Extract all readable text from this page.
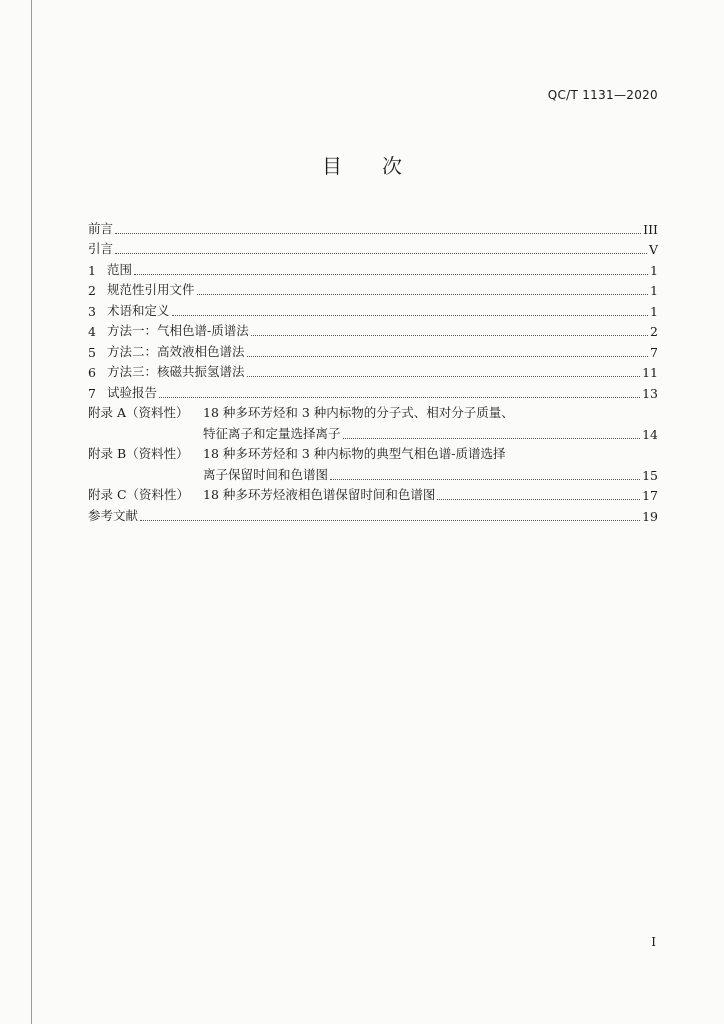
QC/T 1131—2020
目 次
前言	III
引言	V
1 范围	1
2 规范性引用文件	1
3 术语和定义	1
4 方法一：气相色谱-质谱法	2
5 方法二：高效液相色谱法	7
6 方法三：核磁共振氢谱法	11
7 试验报告	13
附录 A（资料性）	18 种多环芳烃和 3 种内标物的分子式、相对分子质量、
特征离子和定量选择离子	14
附录 B（资料性）	18 种多环芳烃和 3 种内标物的典型气相色谱-质谱选择
离子保留时间和色谱图	15
附录 C（资料性）	18 种多环芳烃液相色谱保留时间和色谱图	17
参考文献	19
I
